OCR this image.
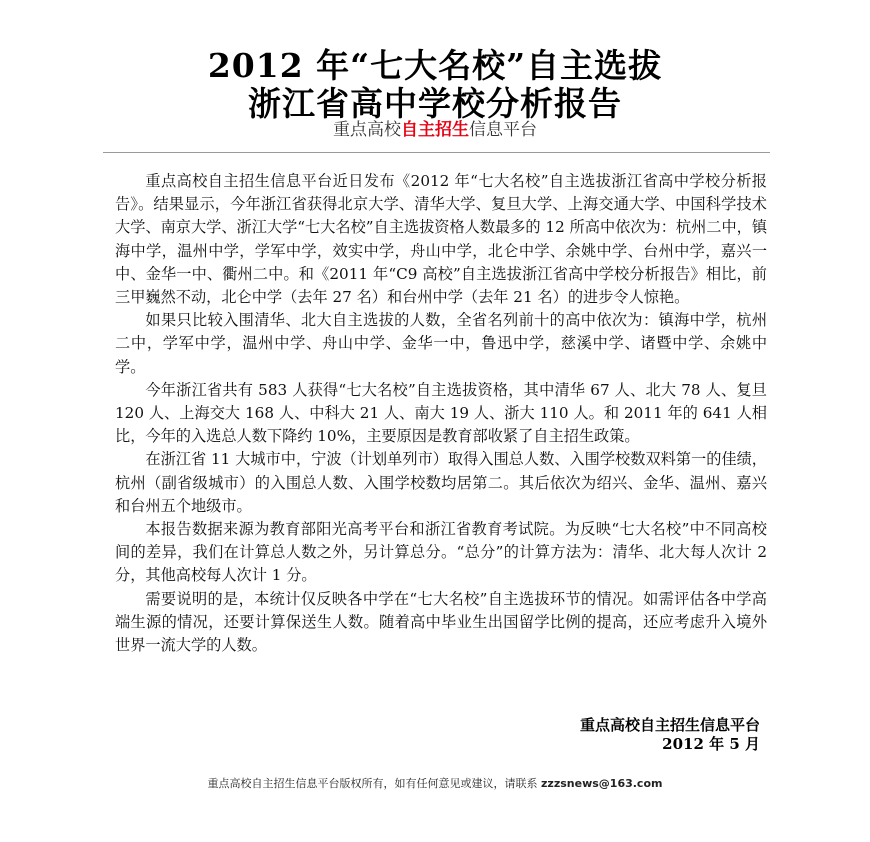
2012 年“七大名校”自主选拔
浙江省高中学校分析报告
重点高校自主招生信息平台

重点高校自主招生信息平台近日发布《2012 年“七大名校”自主选拔浙江省高中学校分析报告》。结果显示，今年浙江省获得北京大学、清华大学、复旦大学、上海交通大学、中国科学技术大学、南京大学、浙江大学“七大名校”自主选拔资格人数最多的 12 所高中依次为：杭州二中，镇海中学，温州中学，学军中学，效实中学，舟山中学，北仑中学、余姚中学、台州中学，嘉兴一中、金华一中、衢州二中。和《2011 年“C9 高校”自主选拔浙江省高中学校分析报告》相比，前三甲巍然不动，北仑中学（去年 27 名）和台州中学（去年 21 名）的进步令人惊艳。

如果只比较入围清华、北大自主选拔的人数，全省名列前十的高中依次为：镇海中学，杭州二中，学军中学，温州中学、舟山中学、金华一中，鲁迅中学，慈溪中学、诸暨中学、余姚中学。

今年浙江省共有 583 人获得“七大名校”自主选拔资格，其中清华 67 人、北大 78 人、复旦 120 人、上海交大 168 人、中科大 21 人、南大 19 人、浙大 110 人。和 2011 年的 641 人相比，今年的入选总人数下降约 10%，主要原因是教育部收紧了自主招生政策。

在浙江省 11 大城市中，宁波（计划单列市）取得入围总人数、入围学校数双料第一的佳绩，杭州（副省级城市）的入围总人数、入围学校数均居第二。其后依次为绍兴、金华、温州、嘉兴和台州五个地级市。

本报告数据来源为教育部阳光高考平台和浙江省教育考试院。为反映“七大名校”中不同高校间的差异，我们在计算总人数之外，另计算总分。“总分”的计算方法为：清华、北大每人次计 2 分，其他高校每人次计 1 分。

需要说明的是，本统计仅反映各中学在“七大名校”自主选拔环节的情况。如需评估各中学高端生源的情况，还要计算保送生人数。随着高中毕业生出国留学比例的提高，还应考虑升入境外世界一流大学的人数。

重点高校自主招生信息平台
2012 年 5 月
重点高校自主招生信息平台版权所有，如有任何意见或建议，请联系 zzzsnews@163.com
